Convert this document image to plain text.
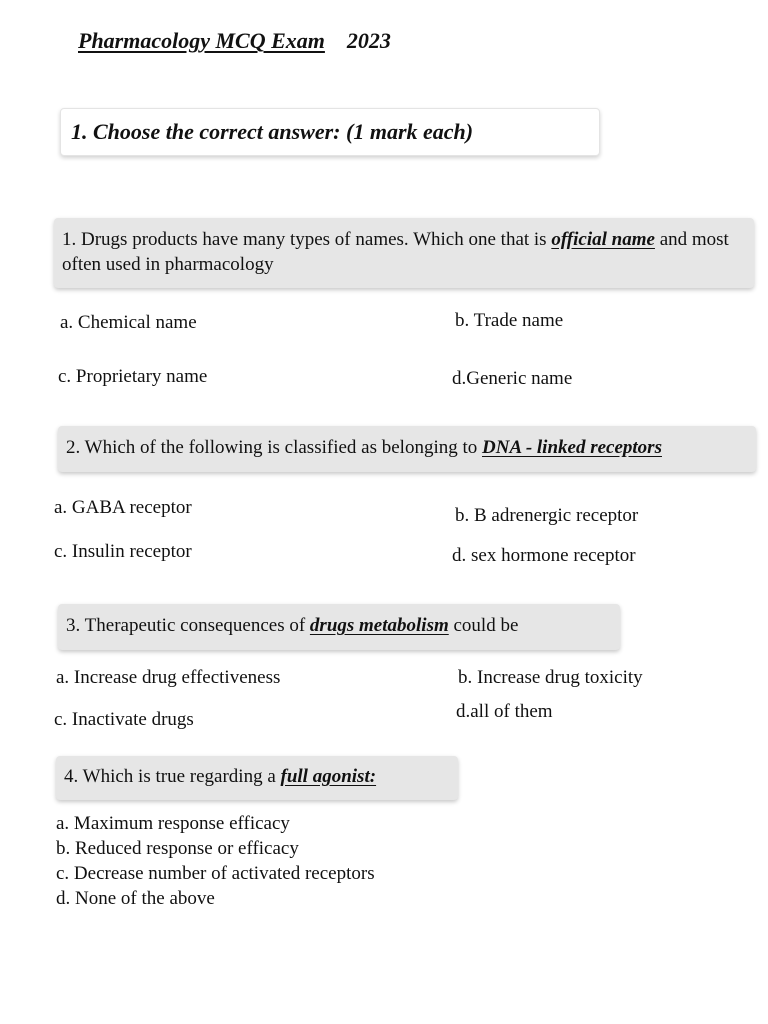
Pharmacology MCQ Exam 2023
1. Choose the correct answer: (1 mark each)
1. Drugs products have many types of names. Which one that is official name and most often used in pharmacology
a. Chemical name	b. Trade name
c. Proprietary name	d.Generic name
2. Which of the following is classified as belonging to DNA - linked receptors
a. GABA receptor	b. B adrenergic receptor
c. Insulin receptor	d. sex hormone receptor
3. Therapeutic consequences of drugs metabolism could be
a. Increase drug effectiveness	b. Increase drug toxicity
c. Inactivate drugs	d.all of them
4. Which is true regarding a full agonist:
a. Maximum response efficacy
b. Reduced response or efficacy
c. Decrease number of activated receptors
d. None of the above
